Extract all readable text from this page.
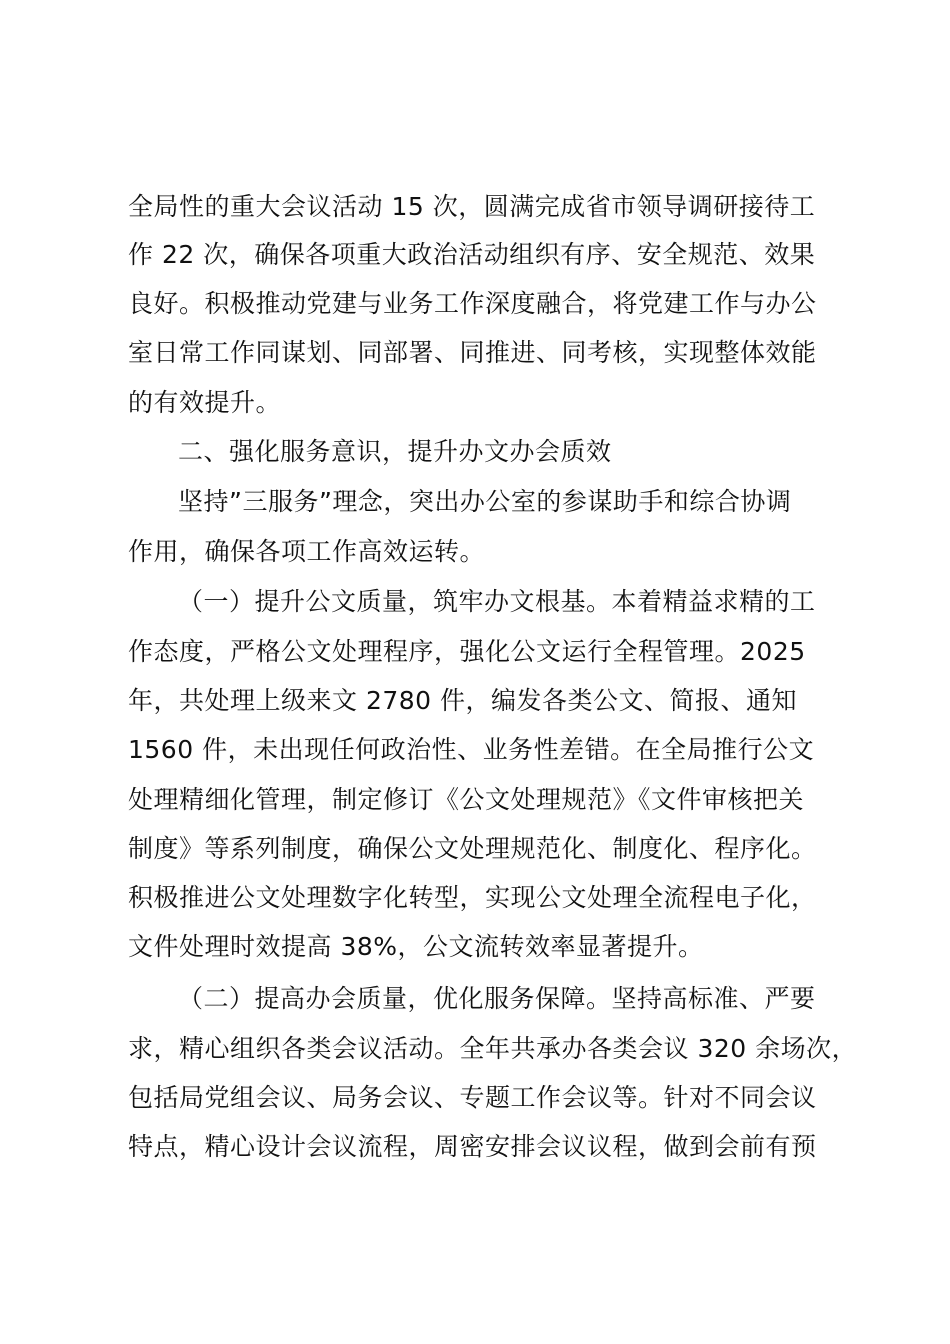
全局性的重大会议活动 15 次，圆满完成省市领导调研接待工
作 22 次，确保各项重大政治活动组织有序、安全规范、效果
良好。积极推动党建与业务工作深度融合，将党建工作与办公
室日常工作同谋划、同部署、同推进、同考核，实现整体效能
的有效提升。
二、强化服务意识，提升办文办会质效
坚持”三服务”理念，突出办公室的参谋助手和综合协调
作用，确保各项工作高效运转。
（一）提升公文质量，筑牢办文根基。本着精益求精的工
作态度，严格公文处理程序，强化公文运行全程管理。2025
年，共处理上级来文 2780 件，编发各类公文、简报、通知
1560 件，未出现任何政治性、业务性差错。在全局推行公文
处理精细化管理，制定修订《公文处理规范》《文件审核把关
制度》等系列制度，确保公文处理规范化、制度化、程序化。
积极推进公文处理数字化转型，实现公文处理全流程电子化，
文件处理时效提高 38%，公文流转效率显著提升。
（二）提高办会质量，优化服务保障。坚持高标准、严要
求，精心组织各类会议活动。全年共承办各类会议 320 余场次，
包括局党组会议、局务会议、专题工作会议等。针对不同会议
特点，精心设计会议流程，周密安排会议议程，做到会前有预
